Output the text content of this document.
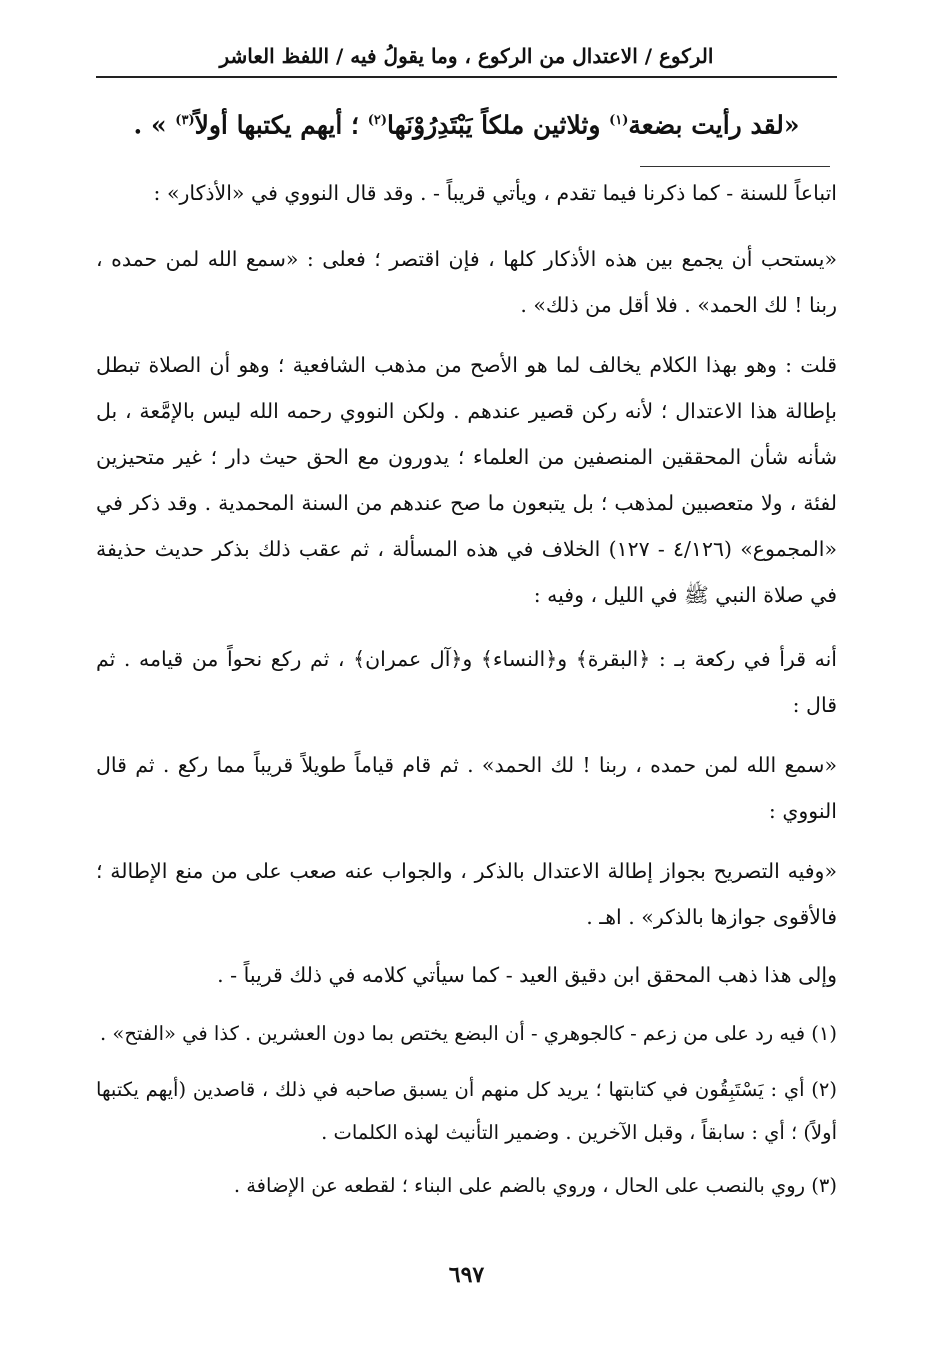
الركوع / الاعتدال من الركوع ، وما يقولُ فيه / اللفظ العاشر
«لقد رأيت بضعة$^{(١)}$ وثلاثين ملكاً يَبْتَدِرُوْنَها$^{(٢)}$ ؛ أيهم يكتبها أولاً$^{(٣)}$ » .

اتباعاً للسنة - كما ذكرنا فيما تقدم ، ويأتي قريباً - . وقد قال النووي في «الأذكار» :

«يستحب أن يجمع بين هذه الأذكار كلها ، فإن اقتصر ؛ فعلى : «سمع الله لمن حمده ، ربنا ! لك الحمد» . فلا أقل من ذلك» .

قلت : وهو بهذا الكلام يخالف لما هو الأصح من مذهب الشافعية ؛ وهو أن الصلاة تبطل بإطالة هذا الاعتدال ؛ لأنه ركن قصير عندهم . ولكن النووي رحمه الله ليس بالإمَّعة ، بل شأنه شأن المحققين المنصفين من العلماء ؛ يدورون مع الحق حيث دار ؛ غير متحيزين لفئة ، ولا متعصبين لمذهب ؛ بل يتبعون ما صح عندهم من السنة المحمدية . وقد ذكر في «المجموع» (٤/١٢٦ - ١٢٧) الخلاف في هذه المسألة ، ثم عقب ذلك بذكر حديث حذيفة في صلاة النبي ﷺ في الليل ، وفيه :

أنه قرأ في ركعة بـ : ﴿البقرة﴾ و﴿النساء﴾ و﴿آل عمران﴾ ، ثم ركع نحواً من قيامه . ثم قال :

«سمع الله لمن حمده ، ربنا ! لك الحمد» . ثم قام قياماً طويلاً قريباً مما ركع . ثم قال النووي :

«وفيه التصريح بجواز إطالة الاعتدال بالذكر ، والجواب عنه صعب على من منع الإطالة ؛ فالأقوى جوازها بالذكر» . اهـ .

وإلى هذا ذهب المحقق ابن دقيق العيد - كما سيأتي كلامه في ذلك قريباً - .

(١) فيه رد على من زعم - كالجوهري - أن البضع يختص بما دون العشرين . كذا في «الفتح» .

(٢) أي : يَسْتَبِقُون في كتابتها ؛ يريد كل منهم أن يسبق صاحبه في ذلك ، قاصدين (أيهم يكتبها أولاً) ؛ أي : سابقاً ، وقبل الآخرين . وضمير التأنيث لهذه الكلمات .

(٣) روي بالنصب على الحال ، وروي بالضم على البناء ؛ لقطعه عن الإضافة .

٦٩٧
